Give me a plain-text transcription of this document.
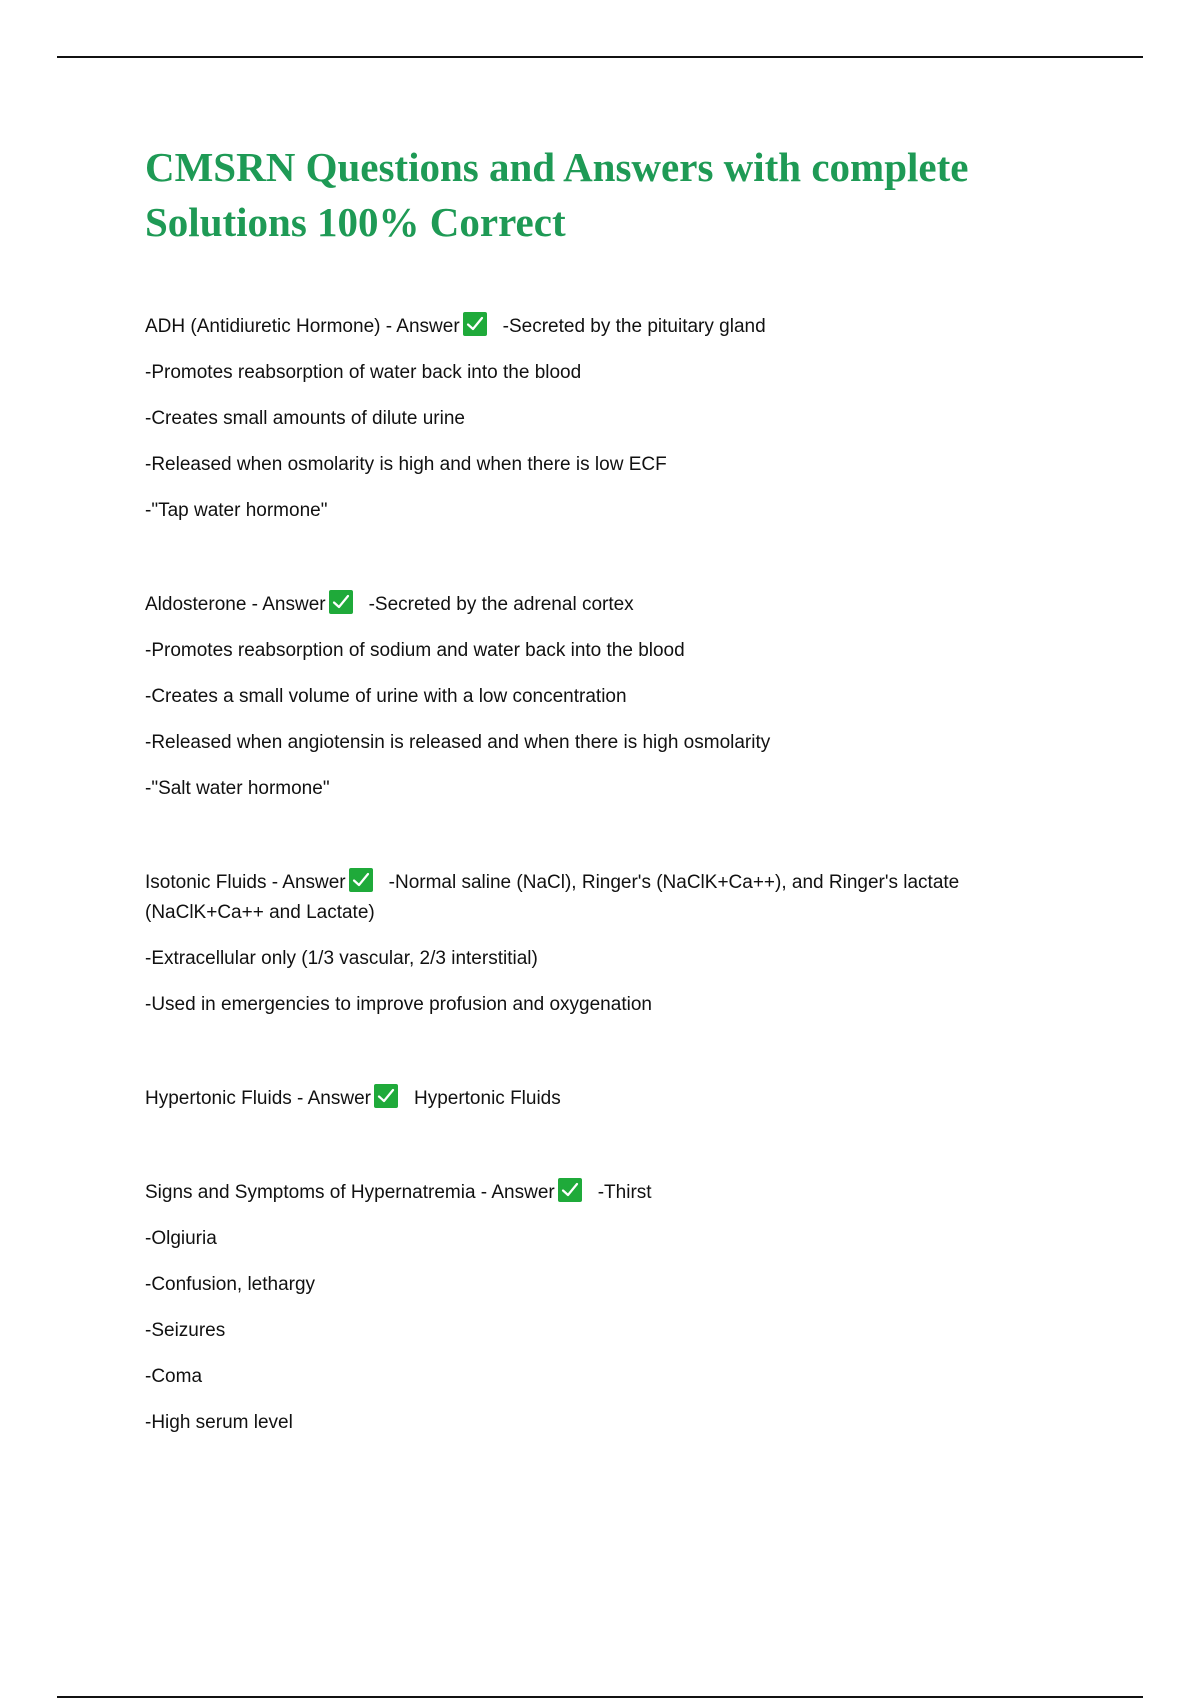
CMSRN Questions and Answers with complete
Solutions 100% Correct

ADH (Antidiuretic Hormone) - Answer -Secreted by the pituitary gland

-Promotes reabsorption of water back into the blood

-Creates small amounts of dilute urine

-Released when osmolarity is high and when there is low ECF

-"Tap water hormone"

Aldosterone - Answer -Secreted by the adrenal cortex

-Promotes reabsorption of sodium and water back into the blood

-Creates a small volume of urine with a low concentration

-Released when angiotensin is released and when there is high osmolarity

-"Salt water hormone"

Isotonic Fluids - Answer -Normal saline (NaCl), Ringer's (NaClK+Ca++), and Ringer's lactate

(NaClK+Ca++ and Lactate)

-Extracellular only (1/3 vascular, 2/3 interstitial)

-Used in emergencies to improve profusion and oxygenation

Hypertonic Fluids - Answer Hypertonic Fluids

Signs and Symptoms of Hypernatremia - Answer -Thirst

-Olgiuria

-Confusion, lethargy

-Seizures

-Coma

-High serum level
